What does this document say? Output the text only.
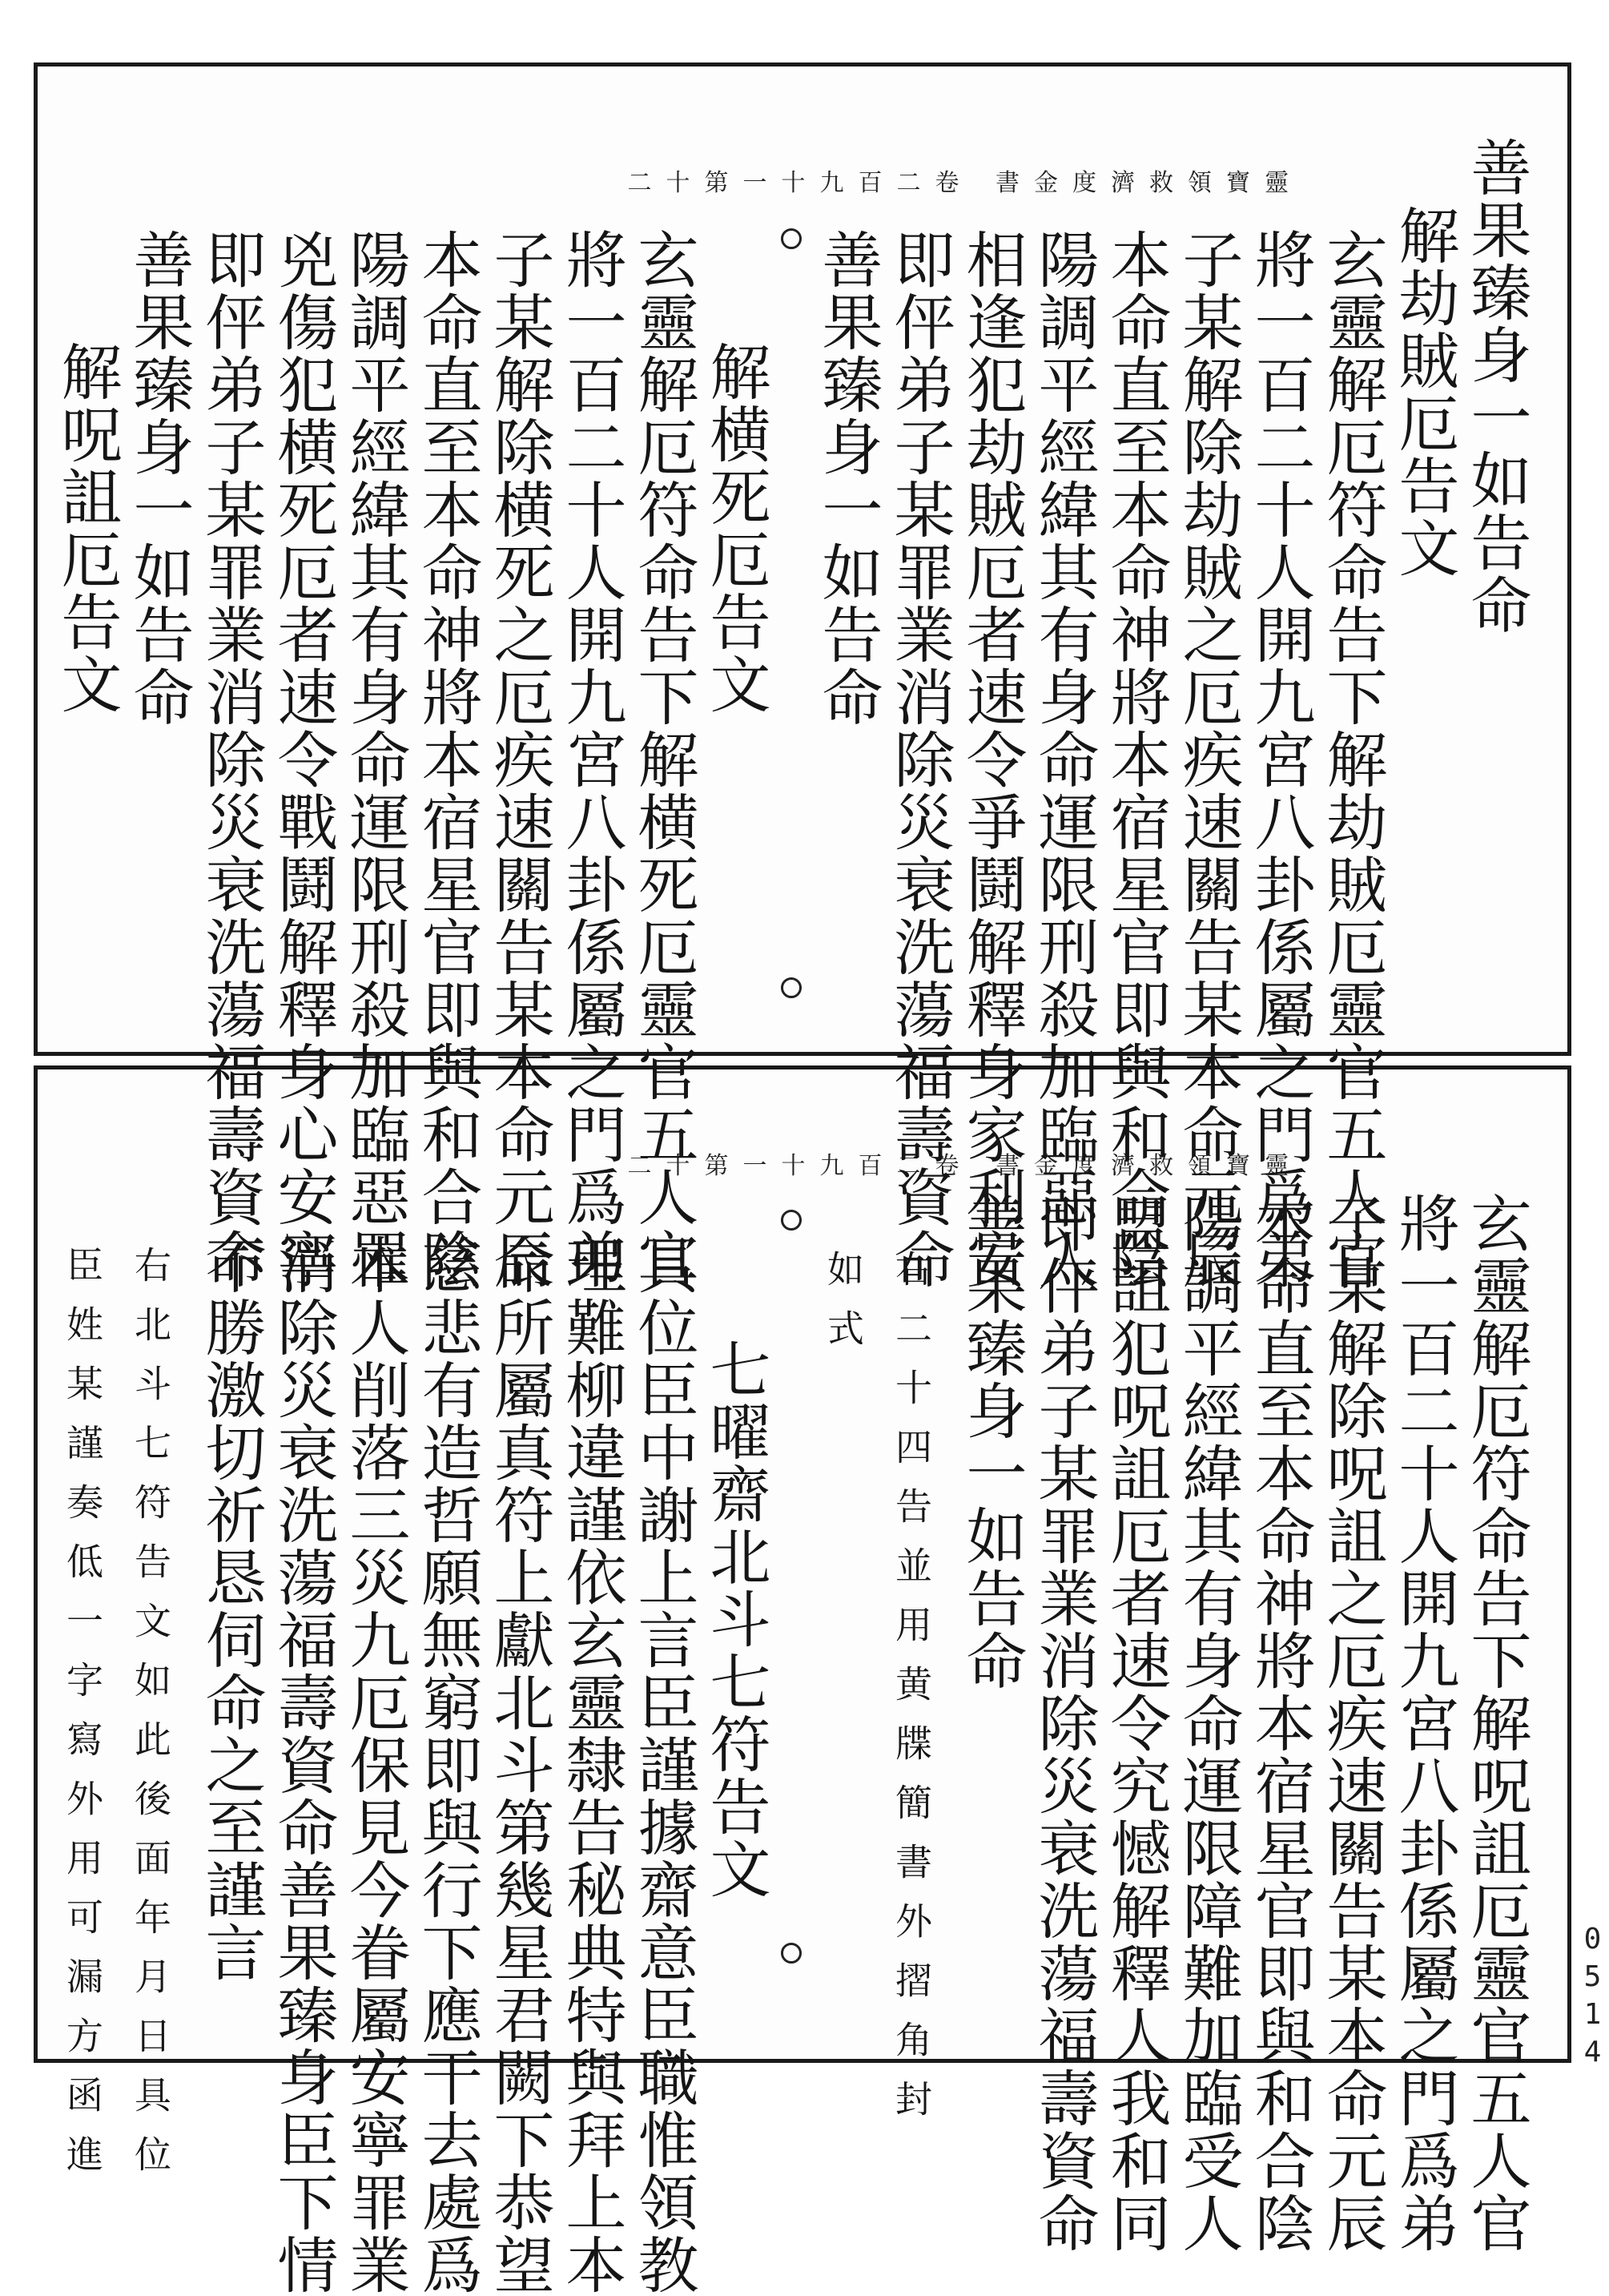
二十第一十九百二卷 書金度濟救領寶靈
二十第一十九百二卷 書金度濟救領寶靈
善果臻身一如告命
解劫賊厄告文
玄靈解厄符命告下解劫賊厄靈官五人官
將一百二十人開九宮八卦係屬之門爲弟
子某解除劫賊之厄疾速關告某本命元辰
本命直至本命神將本宿星官即與和合陰
陽調平經緯其有身命運限刑殺加臨惡人
相逢犯劫賊厄者速令爭鬪解釋身家利安
即伻弟子某罪業消除災衰洗蕩福壽資命
善果臻身一如告命
解横死厄告文
玄靈解厄符命告下解横死厄靈官五人官
將一百二十人開九宮八卦係屬之門爲弟
子某解除横死之厄疾速關告某本命元辰
本命直至本命神將本宿星官即與和合陰
陽調平經緯其有身命運限刑殺加臨惡罹
兇傷犯横死厄者速令戰鬪解釋身心安寧
即伻弟子某罪業消除災衰洗蕩福壽資命
善果臻身一如告命
解呪詛厄告文
玄靈解厄符命告下解呪詛厄靈官五人官
將一百二十人開九宮八卦係屬之門爲弟
子某解除呪詛之厄疾速關告某本命元辰
本命直至本命神將本宿星官即與和合陰
陽調平經緯其有身命運限障難加臨受人
盟詛犯呪詛厄者速令究憾解釋人我和同
即伻弟子某罪業消除災衰洗蕩福壽資命
善果臻身一如告命
右二十四告並用黄牒簡書外摺角封
如式
七曜齋北斗七符告文
具位臣中謝上言臣謹據齋意臣職惟領教
理難柳違謹依玄靈隸告秘典特與拜上本
命所屬真符上獻北斗第幾星君闕下恭望
慈悲有造哲願無窮即與行下應干去處爲
本人削落三災九厄保見今眷屬安寧罪業
消除災衰洗蕩福壽資命善果臻身臣下情
不勝激切祈恳伺命之至謹言
右北斗七符告文如此後面年月日具位
臣姓某謹奏低一字寫外用可漏方函進	0514
